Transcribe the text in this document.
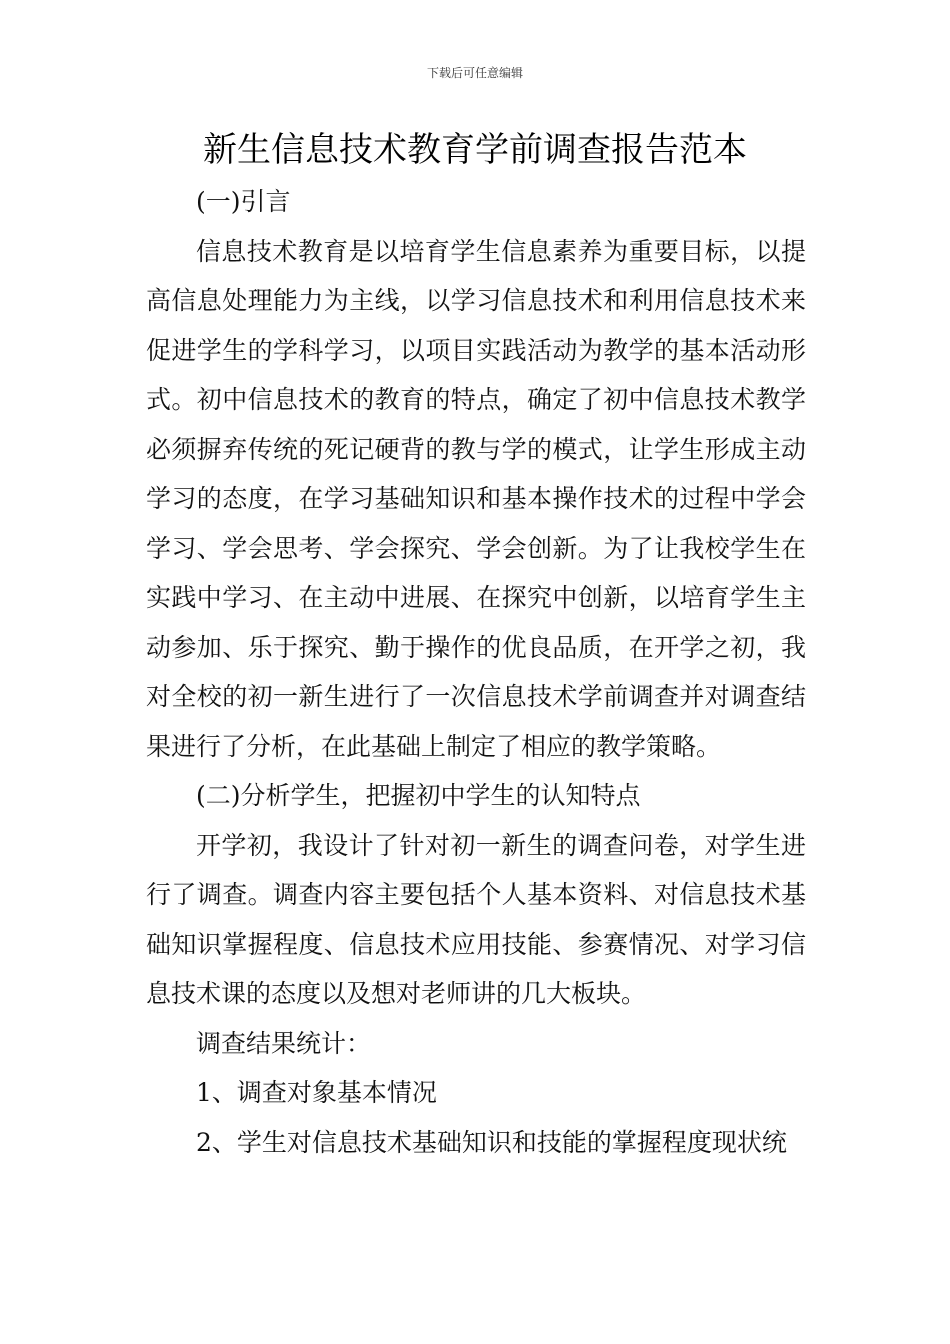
下载后可任意编辑
新生信息技术教育学前调查报告范本

(一)引言

信息技术教育是以培育学生信息素养为重要目标，以提高信息处理能力为主线，以学习信息技术和利用信息技术来促进学生的学科学习，以项目实践活动为教学的基本活动形式。初中信息技术的教育的特点，确定了初中信息技术教学必须摒弃传统的死记硬背的教与学的模式，让学生形成主动学习的态度，在学习基础知识和基本操作技术的过程中学会学习、学会思考、学会探究、学会创新。为了让我校学生在实践中学习、在主动中进展、在探究中创新，以培育学生主动参加、乐于探究、勤于操作的优良品质，在开学之初，我对全校的初一新生进行了一次信息技术学前调查并对调查结果进行了分析，在此基础上制定了相应的教学策略。

(二)分析学生，把握初中学生的认知特点

开学初，我设计了针对初一新生的调查问卷，对学生进行了调查。调查内容主要包括个人基本资料、对信息技术基础知识掌握程度、信息技术应用技能、参赛情况、对学习信息技术课的态度以及想对老师讲的几大板块。

调查结果统计：

1、调查对象基本情况

2、学生对信息技术基础知识和技能的掌握程度现状统
